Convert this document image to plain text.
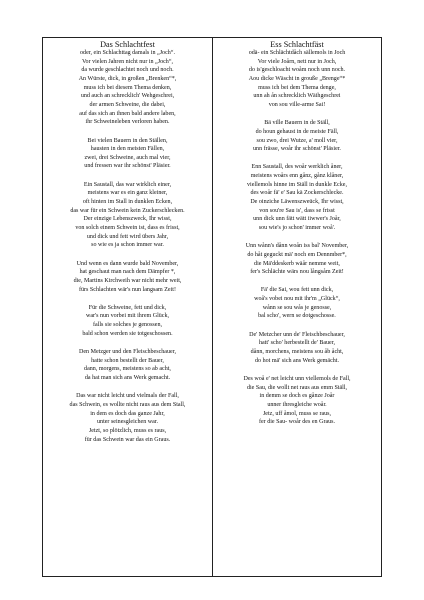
Das Schlachtfest
oder, ein Schlachttag damals in „Joch“.
Vor vielen Jahren nicht nur in „Joch“,
da wurde geschlachtet noch und noch.
An Würste, dick, in großen „Brenken“*,
muss ich bei diesem Thema denken,
und auch an schrecklich' Wehgeschrei,
der armen Schweine, die dabei,
auf das sich an ihnen bald andere laben,
ihr Schweineleben verloren haben.
Bei vielen Bauern in den Ställen,
hausten in den meisten Fällen,
zwei, drei Schweine, auch mal vier,
und fressen war ihr schönst' Pläsier.
Ein Saustall, das war wirklich einer,
meistens war es ein ganz kleiner,
oft hinten im Stall in dunklen Ecken,
das war für ein Schwein kein Zuckerschlecken.
Der einzige Lebenszweck, Ihr wisst,
von solch einem Schwein ist, dass es frisst,
und dick und fett wird übers Jahr,
so wie es ja schon immer war.
Und wenn es dann wurde bald November,
hat geschaut man nach dem Dämpfer *,
die, Martins Kirchweih war nicht mehr weit,
fürs Schlachten wär's nun langsam Zeit!
Für die Schweine, fett und dick,
war's nun vorbei mit ihrem Glück,
falls sie solches je genossen,
bald schon werden sie totgeschossen.
Den Metzger und den Fleischbeschauer,
hatte schon bestellt der Bauer,
dann, morgens, meistens so ab acht,
da hat man sich ans Werk gemacht.
Das war nicht leicht und vielmals der Fall,
das Schwein, es wollte nicht raus aus dem Stall,
in dem es doch das ganze Jahr,
unter seinesgleichen war.
Jetzt, so plötzlich, muss es raus,
für das Schwein war das ein Graus.
Ess Schlachtfäst
odä- ein Schlächtdåch sällemols in Joch
Vor viele Joårn, nett nur in Joch,
do is'geschloacht woåm noch unn noch.
Aou dicke Wäscht in grouße „Brenge“*
muss ich bei dem Thema denge,
unn ah ån schrecklich Wäihgeschrei
von sou ville-arme Sai!
Bä ville Bauern in de Ställ,
do houn gehaust in de meiste Fäll,
sou zwo, drei Wutze, a' moll vier,
unn frässe, woår ihr schönst' Pläsier.
Enn Saustall, des woår werklich åner,
meistens woårs enn gånz, gånz klåner,
viellemols hinne im Ställ in dunkle Ecke,
des woår fä' e' Sau kä Zockerschlecke.
De oinziche Läwenszweück, Ihr wisst,
von sou're Sau is', dass se frisst
unn dick unn fätt wätt iiwwer's Joår,
sou wie's jo schon' immer woå'.
Unn wånn's dånn woån iss bal' November,
do håt geguckt mä' noch em Dennmber*,
die Mä'ddeskerb wäår nemme weit,
fer's Schlächte wärs nou långsåm Zeit!
Fä' die Sai, wou fett unn dick,
woå's vobei nou mit ihr'm „Glück“,
wånn se sou wås je genosse,
bal scho', wern se dotgeschosse.
De' Metzcher unn de' Fleischbeschauer,
hatt' scho' herbestellt de' Bauer,
dånn, morchens, meistens sou åb åcht,
do hot mä' sich ans Werk gemächt.
Des woå e' net leicht unn viellemols de Fall,
die Sau, die wollt net raus aus emm Ställ,
in demm se doch es gånze Joår
unner ihresgleiche woår.
Jetz, uff åmol, muss se raus,
fer die Sau- woår des en Graus.
